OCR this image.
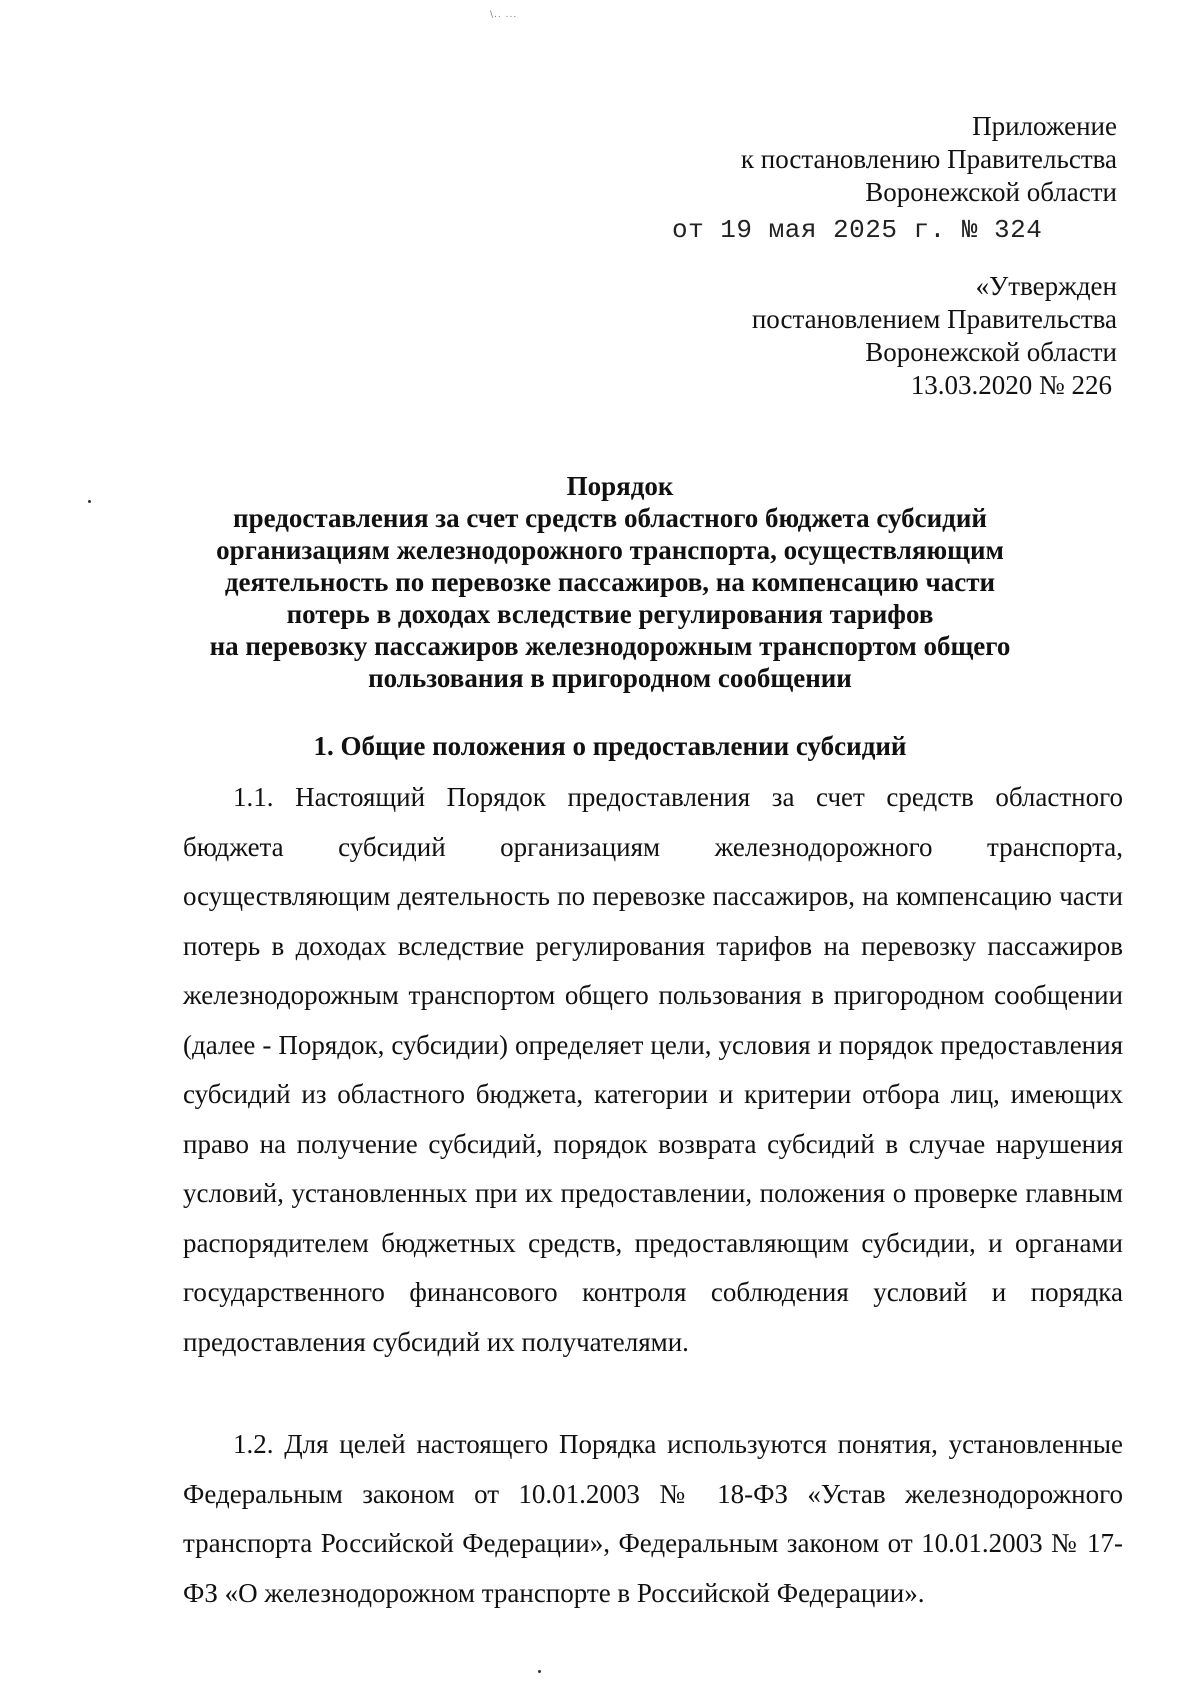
\.. ...
Приложение
к постановлению Правительства
Воронежской области
от 19 мая 2025 г. № 324
«Утвержден
постановлением Правительства
Воронежской области
13.03.2020 № 226
Порядок
предоставления за счет средств областного бюджета субсидий
организациям железнодорожного транспорта, осуществляющим
деятельность по перевозке пассажиров, на компенсацию части
потерь в доходах вследствие регулирования тарифов
на перевозку пассажиров железнодорожным транспортом общего
пользования в пригородном сообщении
1. Общие положения о предоставлении субсидий

1.1. Настоящий Порядок предоставления за счет средств областного бюджета субсидий организациям железнодорожного транспорта, осуществляющим деятельность по перевозке пассажиров, на компенсацию части потерь в доходах вследствие регулирования тарифов на перевозку пассажиров железнодорожным транспортом общего пользования в пригородном сообщении (далее - Порядок, субсидии) определяет цели, условия и порядок предоставления субсидий из областного бюджета, категории и критерии отбора лиц, имеющих право на получение субсидий, порядок возврата субсидий в случае нарушения условий, установленных при их предоставлении, положения о проверке главным распорядителем бюджетных средств, предоставляющим субсидии, и органами государственного финансового контроля соблюдения условий и порядка предоставления субсидий их получателями.

1.2. Для целей настоящего Порядка используются понятия, установленные Федеральным законом от 10.01.2003 № 18-ФЗ «Устав железнодорожного транспорта Российской Федерации», Федеральным законом от 10.01.2003 № 17-ФЗ «О железнодорожном транспорте в Российской Федерации».
